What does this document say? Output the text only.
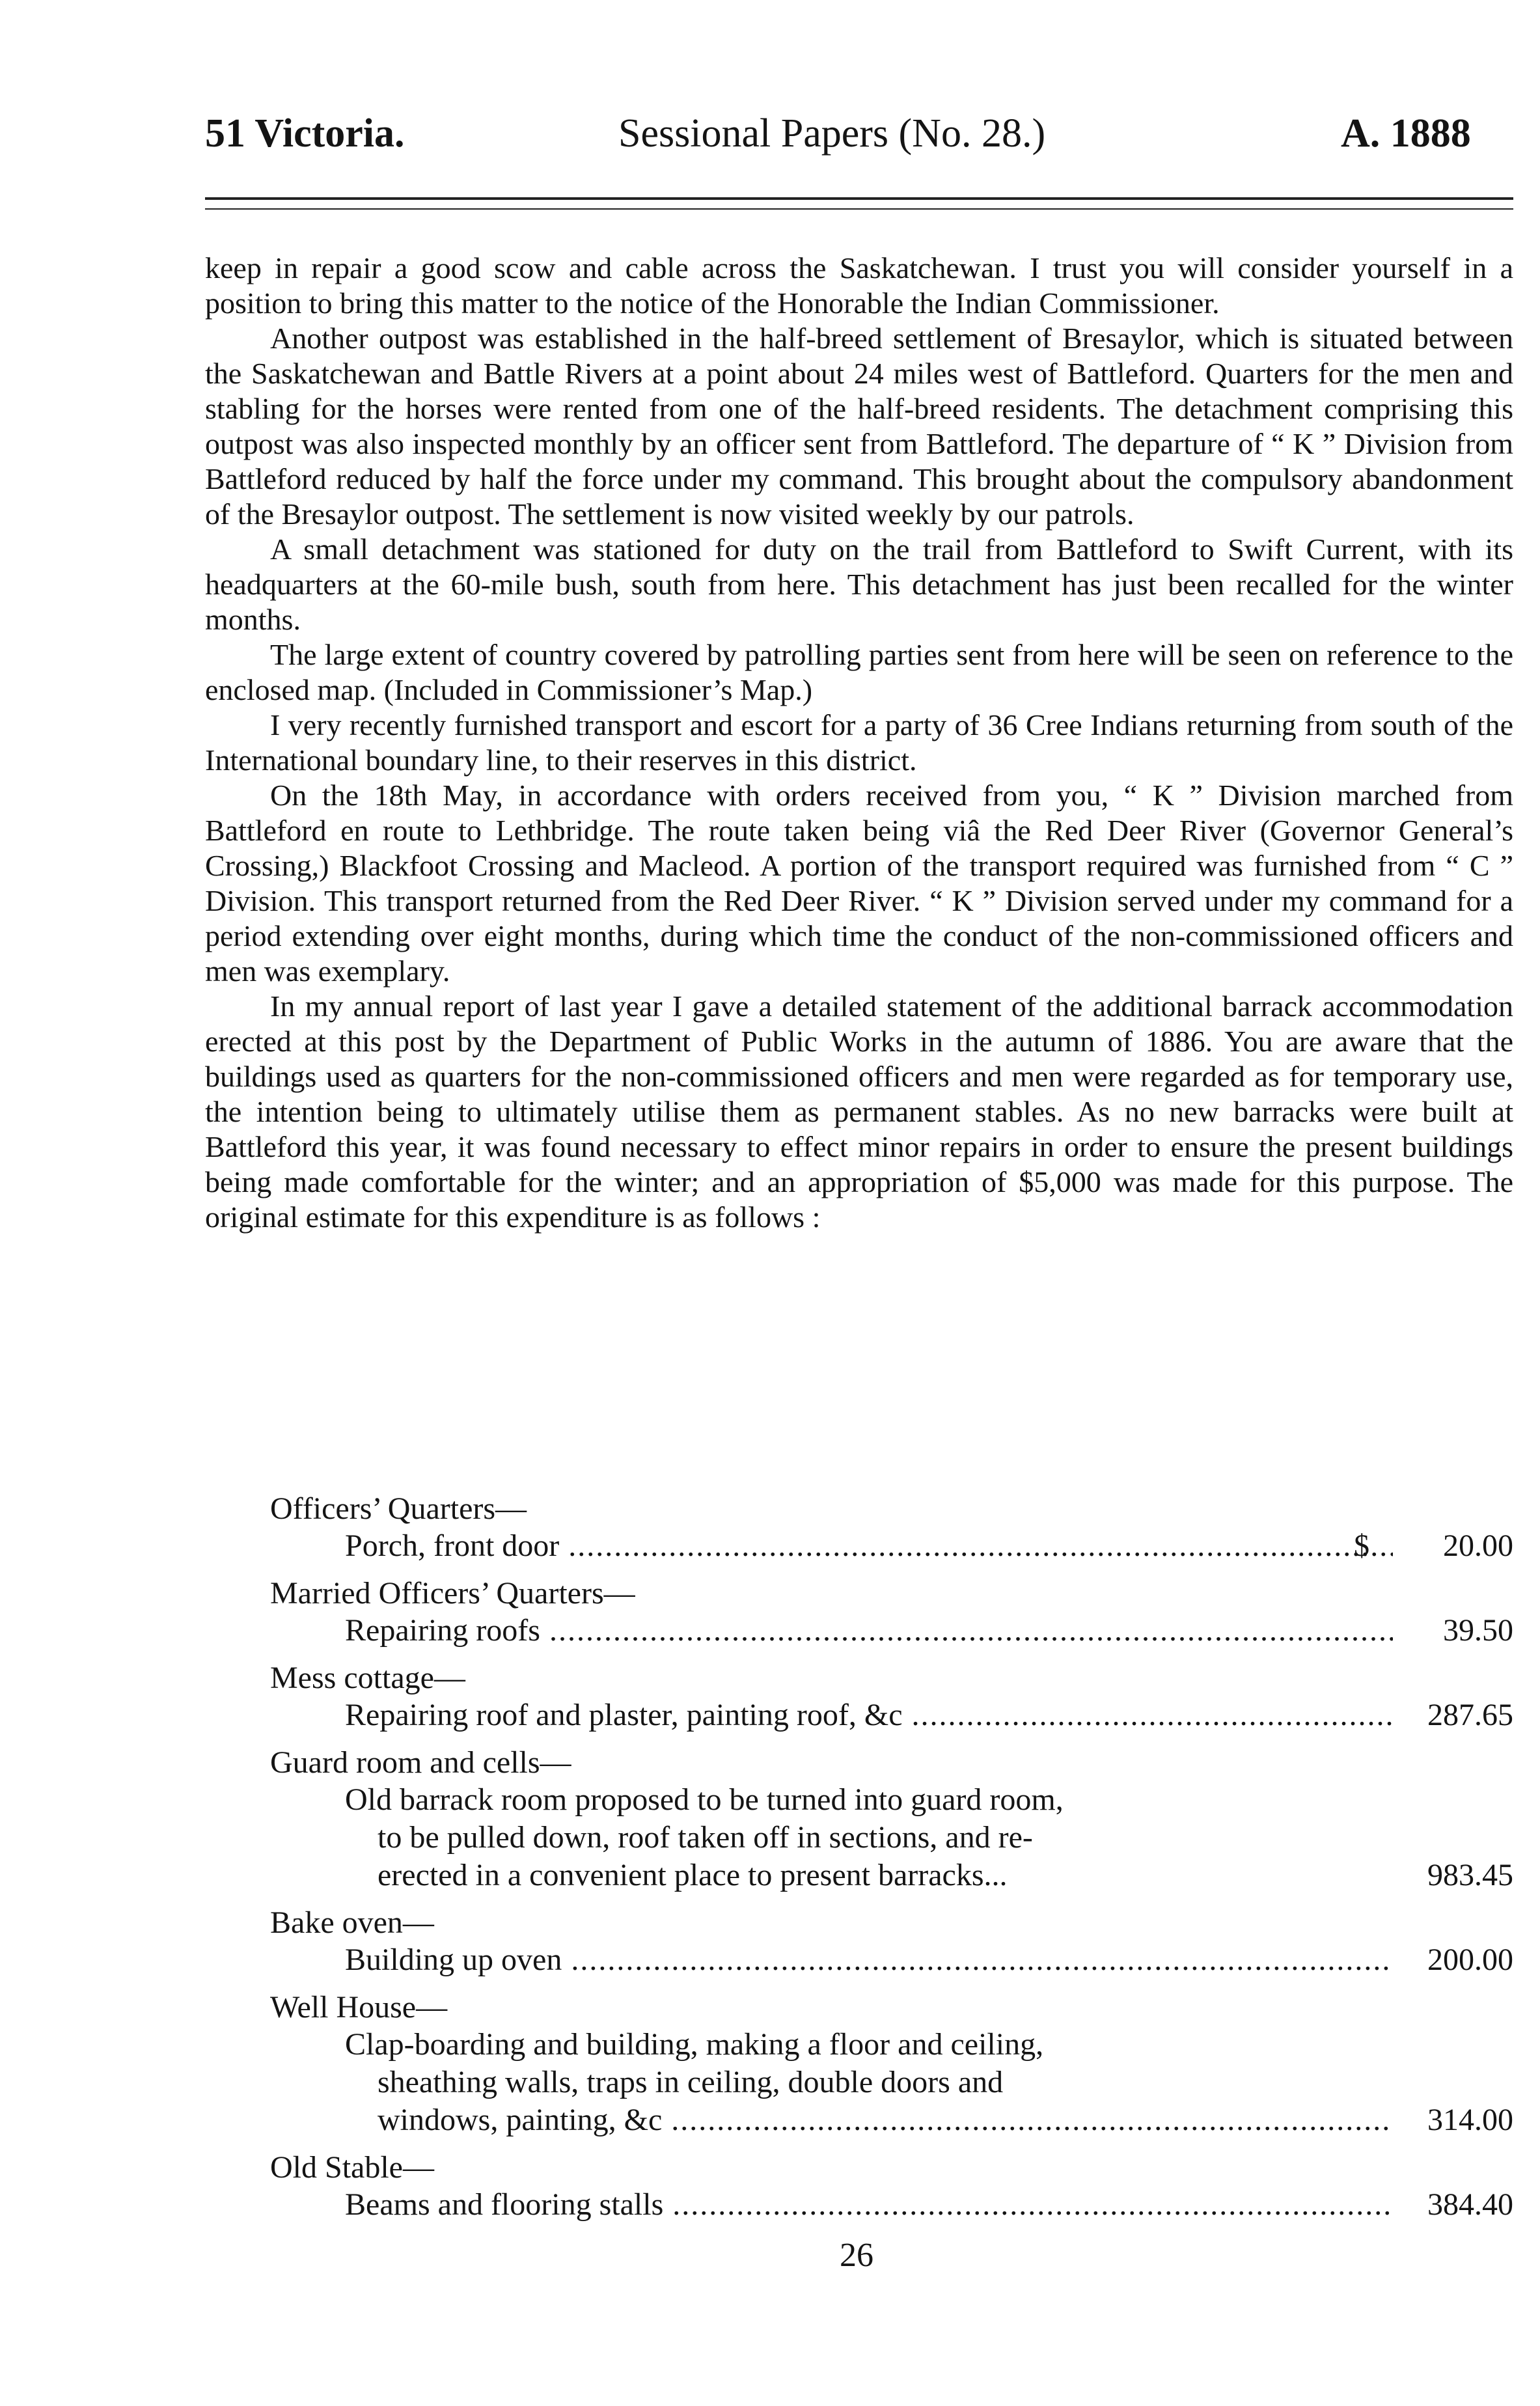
51 Victoria.	Sessional Papers (No. 28.)	A. 1888

keep in repair a good scow and cable across the Saskatchewan. I trust you will consider yourself in a position to bring this matter to the notice of the Honorable the Indian Commissioner.

Another outpost was established in the half-breed settlement of Bresaylor, which is situated between the Saskatchewan and Battle Rivers at a point about 24 miles west of Battleford. Quarters for the men and stabling for the horses were rented from one of the half-breed residents. The detachment comprising this outpost was also inspected monthly by an officer sent from Battleford. The departure of “ K ” Division from Battleford reduced by half the force under my command. This brought about the compulsory abandonment of the Bresaylor outpost. The settlement is now visited weekly by our patrols.

A small detachment was stationed for duty on the trail from Battleford to Swift Current, with its headquarters at the 60-mile bush, south from here. This detachment has just been recalled for the winter months.

The large extent of country covered by patrolling parties sent from here will be seen on reference to the enclosed map. (Included in Commissioner’s Map.)

I very recently furnished transport and escort for a party of 36 Cree Indians returning from south of the International boundary line, to their reserves in this district.

On the 18th May, in accordance with orders received from you, “ K ” Division marched from Battleford en route to Lethbridge. The route taken being viâ the Red Deer River (Governor General’s Crossing,) Blackfoot Crossing and Macleod. A portion of the transport required was furnished from “ C ” Division. This transport returned from the Red Deer River. “ K ” Division served under my command for a period extending over eight months, during which time the conduct of the non-commissioned officers and men was exemplary.

In my annual report of last year I gave a detailed statement of the additional barrack accommodation erected at this post by the Department of Public Works in the autumn of 1886. You are aware that the buildings used as quarters for the non-commissioned officers and men were regarded as for temporary use, the intention being to ultimately utilise them as permanent stables. As no new barracks were built at Battleford this year, it was found necessary to effect minor repairs in order to ensure the present buildings being made comfortable for the winter; and an appropriation of $5,000 was made for this purpose. The original estimate for this expenditure is as follows :

Officers’ Quarters—
Porch, front door .....	$ 20.00
Married Officers’ Quarters—
Repairing roofs .....	39.50
Mess cottage—
Repairing roof and plaster, painting roof, &c .....	287.65
Guard room and cells—
Old barrack room proposed to be turned into guard room,
to be pulled down, roof taken off in sections, and re-
erected in a convenient place to present barracks...	983.45
Bake oven—
Building up oven .....	200.00
Well House—
Clap-boarding and building, making a floor and ceiling,
sheathing walls, traps in ceiling, double doors and
windows, painting, &c .....	314.00
Old Stable—
Beams and flooring stalls .....	384.40
26
